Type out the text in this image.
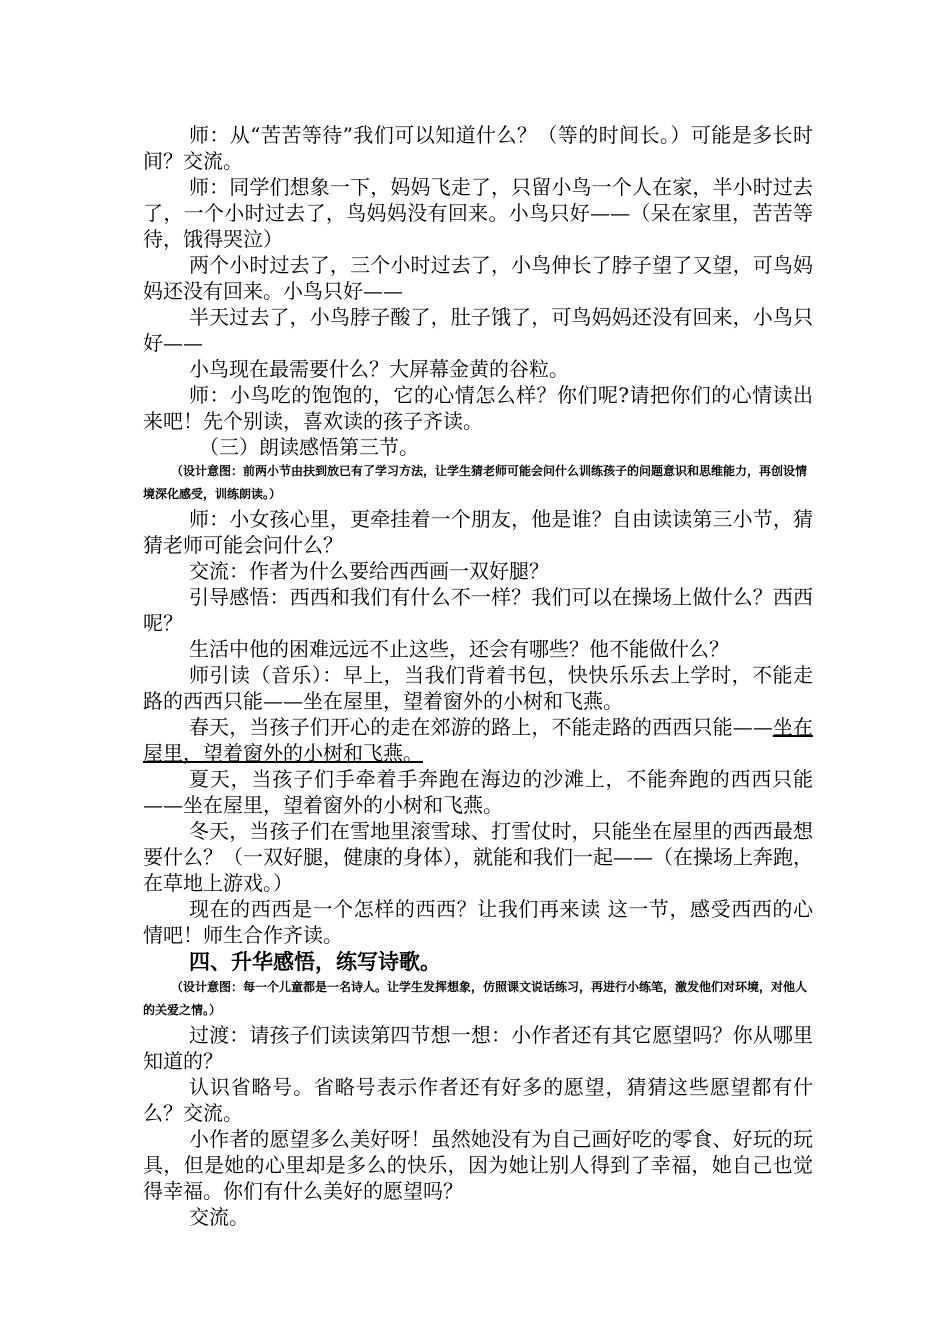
师：从“苦苦等待”我们可以知道什么？（等的时间长。）可能是多长时间？交流。

师：同学们想象一下，妈妈飞走了，只留小鸟一个人在家，半小时过去了，一个小时过去了，鸟妈妈没有回来。小鸟只好——（呆在家里，苦苦等待，饿得哭泣）

两个小时过去了，三个小时过去了，小鸟伸长了脖子望了又望，可鸟妈妈还没有回来。小鸟只好——

半天过去了，小鸟脖子酸了，肚子饿了，可鸟妈妈还没有回来，小鸟只好——

小鸟现在最需要什么？大屏幕金黄的谷粒。

师：小鸟吃的饱饱的，它的心情怎么样？你们呢?请把你们的心情读出来吧！先个别读，喜欢读的孩子齐读。

（三）朗读感悟第三节。

（设计意图：前两小节由扶到放已有了学习方法，让学生猜老师可能会问什么训练孩子的问题意识和思维能力，再创设情境深化感受，训练朗读。）

师：小女孩心里，更牵挂着一个朋友，他是谁？自由读读第三小节，猜猜老师可能会问什么？

交流：作者为什么要给西西画一双好腿？

引导感悟：西西和我们有什么不一样？我们可以在操场上做什么？西西呢？

生活中他的困难远远不止这些，还会有哪些？他不能做什么？

师引读（音乐）：早上，当我们背着书包，快快乐乐去上学时，不能走路的西西只能——坐在屋里，望着窗外的小树和飞燕。

春天，当孩子们开心的走在郊游的路上，不能走路的西西只能——坐在屋里，望着窗外的小树和飞燕。

夏天，当孩子们手牵着手奔跑在海边的沙滩上，不能奔跑的西西只能——坐在屋里，望着窗外的小树和飞燕。

冬天，当孩子们在雪地里滚雪球、打雪仗时，只能坐在屋里的西西最想要什么？（一双好腿，健康的身体），就能和我们一起——（在操场上奔跑，在草地上游戏。）

现在的西西是一个怎样的西西？让我们再来读 这一节，感受西西的心情吧！师生合作齐读。

四、升华感悟，练写诗歌。

（设计意图：每一个儿童都是一名诗人。让学生发挥想象，仿照课文说话练习，再进行小练笔，激发他们对环境，对他人的关爱之情。）

过渡：请孩子们读读第四节想一想：小作者还有其它愿望吗？你从哪里知道的？

认识省略号。省略号表示作者还有好多的愿望，猜猜这些愿望都有什么？交流。

小作者的愿望多么美好呀！虽然她没有为自己画好吃的零食、好玩的玩具，但是她的心里却是多么的快乐，因为她让别人得到了幸福，她自己也觉得幸福。你们有什么美好的愿望吗？

交流。
